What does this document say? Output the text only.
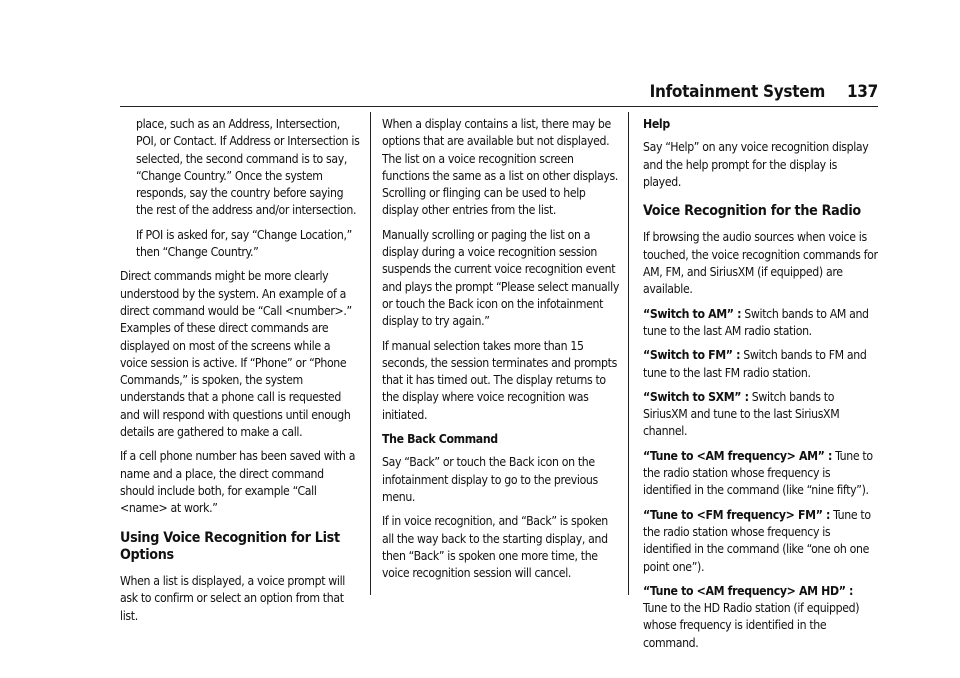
Infotainment System 137

place, such as an Address, Intersection, POI, or Contact. If Address or Intersection is selected, the second command is to say, “Change Country.” Once the system responds, say the country before saying the rest of the address and/or intersection.

If POI is asked for, say “Change Location,” then “Change Country.”

Direct commands might be more clearly understood by the system. An example of a direct command would be “Call <number>.” Examples of these direct commands are displayed on most of the screens while a voice session is active. If “Phone” or “Phone Commands,” is spoken, the system understands that a phone call is requested and will respond with questions until enough details are gathered to make a call.

If a cell phone number has been saved with a name and a place, the direct command should include both, for example “Call <name> at work.”

Using Voice Recognition for List Options

When a list is displayed, a voice prompt will ask to confirm or select an option from that list.

When a display contains a list, there may be options that are available but not displayed. The list on a voice recognition screen functions the same as a list on other displays. Scrolling or flinging can be used to help display other entries from the list.

Manually scrolling or paging the list on a display during a voice recognition session suspends the current voice recognition event and plays the prompt “Please select manually or touch the Back icon on the infotainment display to try again.”

If manual selection takes more than 15 seconds, the session terminates and prompts that it has timed out. The display returns to the display where voice recognition was initiated.

The Back Command

Say “Back” or touch the Back icon on the infotainment display to go to the previous menu.

If in voice recognition, and “Back” is spoken all the way back to the starting display, and then “Back” is spoken one more time, the voice recognition session will cancel.

Help

Say “Help” on any voice recognition display and the help prompt for the display is played.

Voice Recognition for the Radio

If browsing the audio sources when voice is touched, the voice recognition commands for AM, FM, and SiriusXM (if equipped) are available.

“Switch to AM” : Switch bands to AM and tune to the last AM radio station.

“Switch to FM” : Switch bands to FM and tune to the last FM radio station.

“Switch to SXM” : Switch bands to SiriusXM and tune to the last SiriusXM channel.

“Tune to <AM frequency> AM” : Tune to the radio station whose frequency is identified in the command (like “nine fifty”).

“Tune to <FM frequency> FM” : Tune to the radio station whose frequency is identified in the command (like “one oh one point one”).

“Tune to <AM frequency> AM HD” : Tune to the HD Radio station (if equipped) whose frequency is identified in the command.
